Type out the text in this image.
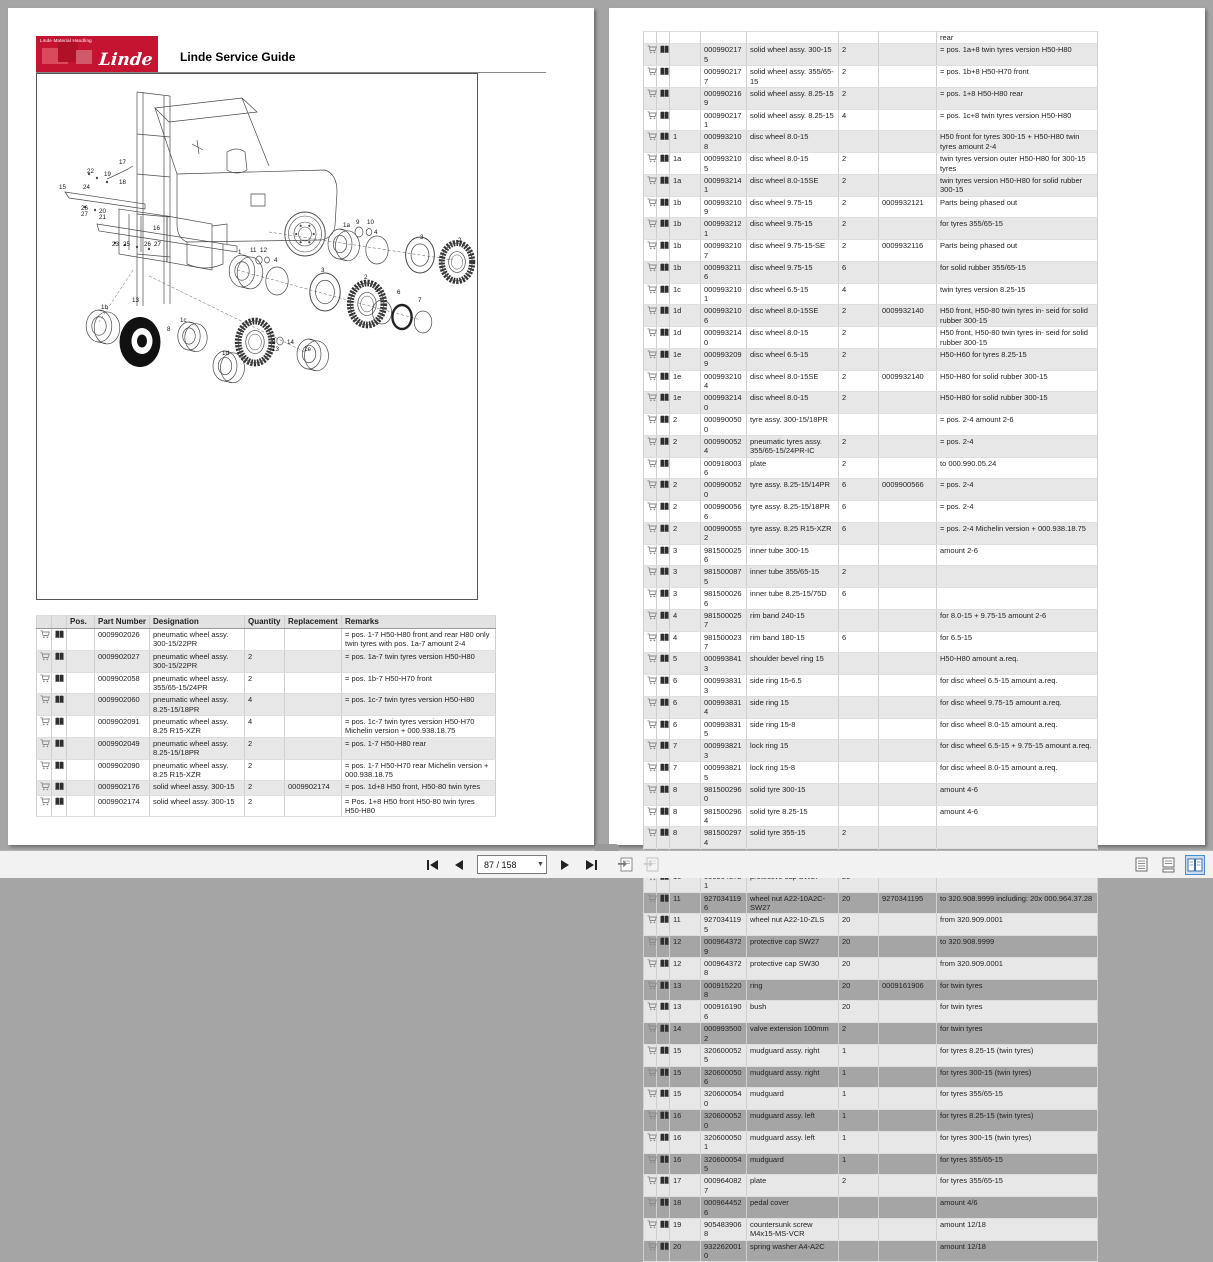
Linde Material Handling
Linde Linde Service Guide
17
22 19
18
15	24
26
27 20
21
16
23 25 26 27
1a 9 10
4
3	2
1 11 12
4
3
2
5	6
7
1b
13
8
1c
1d
9
13
14
1e
		Pos.	Part Number	Designation	Quantity	Replacement	Remarks
			0009902026	pneumatic wheel assy. 300-15/22PR			= pos. 1-7 H50-H80 front and rear H80 only twin tyres with pos. 1a-7 amount 2-4
			0009902027	pneumatic wheel assy. 300-15/22PR	2		= pos. 1a-7 twin tyres version H50-H80
			0009902058	pneumatic wheel assy. 355/65-15/24PR	2		= pos. 1b-7 H50-H70 front
			0009902060	pneumatic wheel assy. 8.25-15/18PR	4		= pos. 1c-7 twin tyres version H50-H80
			0009902091	pneumatic wheel assy. 8.25 R15-XZR	4		= pos. 1c-7 twin tyres version H50-H70 Michelin version + 000.938.18.75
			0009902049	pneumatic wheel assy. 8.25-15/18PR	2		= pos. 1-7 H50-H80 rear
			0009902090	pneumatic wheel assy. 8.25 R15-XZR	2		= pos. 1-7 H50-H70 rear Michelin version + 000.938.18.75
			0009902176	solid wheel assy. 300-15	2	0009902174	= pos. 1d+8 H50 front, H50-80 twin tyres
			0009902174	solid wheel assy. 300-15	2		= Pos. 1+8 H50 front H50-80 twin tyres H50-H80
							rear
			0009902175	solid wheel assy. 300-15	2		= pos. 1a+8 twin tyres version H50-H80
			0009902177	solid wheel assy. 355/65-15	2		= pos. 1b+8 H50-H70 front
			0009902169	solid wheel assy. 8.25-15	2		= pos. 1+8 H50-H80 rear
			0009902171	solid wheel assy. 8.25-15	4		= pos. 1c+8 twin tyres version H50-H80
		1	0009932108	disc wheel 8.0-15			H50 front for tyres 300-15 + H50-H80 twin tyres amount 2-4
		1a	0009932105	disc wheel 8.0-15	2		twin tyres version outer H50-H80 for 300-15 tyres
		1a	0009932141	disc wheel 8.0-15SE	2		twin tyres version H50-H80 for solid rubber 300-15
		1b	0009932109	disc wheel 9.75-15	2	0009932121	Parts being phased out
		1b	0009932121	disc wheel 9.75-15	2		for tyres 355/65-15
		1b	0009932107	disc wheel 9.75-15-SE	2	0009932116	Parts being phased out
		1b	0009932116	disc wheel 9.75-15	6		for solid rubber 355/65-15
		1c	0009932101	disc wheel 6.5-15	4		twin tyres version 8.25-15
		1d	0009932106	disc wheel 8.0-15SE	2	0009932140	H50 front, H50-80 twin tyres in- seid for solid rubber 300-15
		1d	0009932140	disc wheel 8.0-15	2		H50 front, H50-80 twin tyres in- seid for solid rubber 300-15
		1e	0009932099	disc wheel 6.5-15	2		H50-H60 for tyres 8.25-15
		1e	0009932104	disc wheel 8.0-15SE	2	0009932140	H50-H80 for solid rubber 300-15
		1e	0009932140	disc wheel 8.0-15	2		H50-H80 for solid rubber 300-15
		2	0009900500	tyre assy. 300-15/18PR			= pos. 2-4 amount 2-6
		2	0009900524	pneumatic tyres assy. 355/65-15/24PR-IC	2		= pos. 2-4
			0009180036	plate	2		to 000.990.05.24
		2	0009900520	tyre assy. 8.25-15/14PR	6	0009900566	= pos. 2-4
		2	0009900566	tyre assy. 8.25-15/18PR	6		= pos. 2-4
		2	0009900552	tyre assy. 8.25 R15-XZR	6		= pos. 2-4 Michelin version + 000.938.18.75
		3	9815000256	inner tube 300-15			amount 2-6
		3	9815000875	inner tube 355/65-15	2		
		3	9815000266	inner tube 8.25-15/75D	6		
		4	9815000257	rim band 240-15			for 8.0-15 + 9.75-15 amount 2-6
		4	9815000237	rim band 180-15	6		for 6.5-15
		5	0009938413	shoulder bevel ring 15			H50-H80 amount a.req.
		6	0009938313	side ring 15-6.5			for disc wheel 6.5-15 amount a.req.
		6	0009938314	side ring 15			for disc wheel 9.75-15 amount a.req.
		6	0009938315	side ring 15-8			for disc wheel 8.0-15 amount a.req.
		7	0009938213	lock ring 15			for disc wheel 6.5-15 + 9.75-15 amount a.req.
		7	0009938215	lock ring 15-8			for disc wheel 8.0-15 amount a.req.
		8	9815002960	solid tyre 300-15			amount 4-6
		8	9815002964	solid tyre 8.25-15			amount 4-6
		8	9815002974	solid tyre 355-15	2		

			1				
		11	9270341196	wheel nut A22-10A2C-SW27	20	9270341195	to 320.908.9999 including: 20x 000.964.37.28
		11	9270341195	wheel nut A22-10-ZLS	20		from 320.909.0001
		12	0009643729	protective cap SW27	20		to 320.908.9999
		12	0009643728	protective cap SW30	20		from 320.909.0001
		13	0009152208	ring	20	0009161906	for twin tyres
		13	0009161906	bush	20		for twin tyres
		14	0009935002	valve extension 100mm	2		for twin tyres
		15	3206000525	mudguard assy. right	1		for tyres 8.25-15 (twin tyres)
		15	3206000506	mudguard assy. right	1		for tyres 300-15 (twin tyres)
		15	3206000540	mudguard	1		for tyres 355/65-15
		16	3206000520	mudguard assy. left	1		for tyres 8.25-15 (twin tyres)
		16	3206000501	mudguard assy. left	1		for tyres 300-15 (twin tyres)
		16	3206000545	mudguard	1		for tyres 355/65-15
		17	0009640827	plate	2		for tyres 355/65-15
		18	0009644526	pedal cover			amount 4/6
		19	9054839068	countersunk screw M4x15-MS-VCR			amount 12/18
		20	9322620010	spring washer A4-A2C			amount 12/18
87 / 158	▼
